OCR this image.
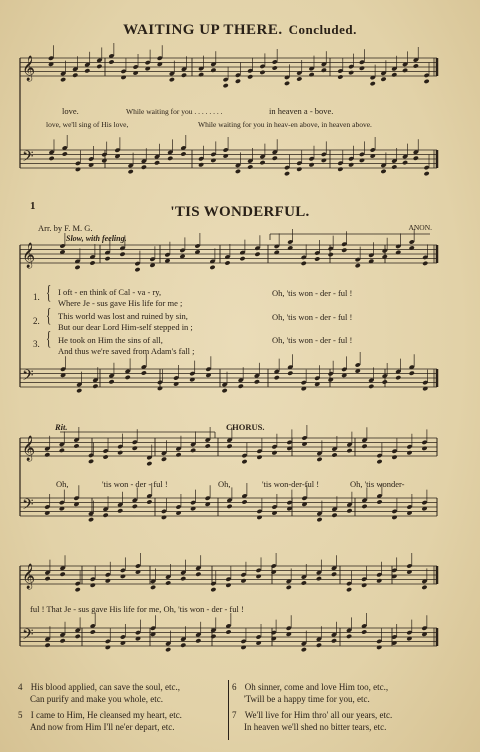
WAITING UP THERE. Concluded.
𝄞
𝄢
𝄞
𝄢
𝄞
𝄢
𝄞
𝄢
love.	While waiting for you . . . . . . . .	in heaven a - bove.
love, we'll sing of His love,	While waiting for you in heav-en above, in heaven above.
1	'TIS WONDERFUL.
Arr. by F. M. G.	ANON.
Slow, with feeling.
1.
2.
3.
{
{
{
I oft - en think of Cal - va - ry,
Where Je - sus gave His life for me ;
This world was lost and ruined by sin,
But our dear Lord Him-self stepped in ;
He took on Him the sins of all,
And thus we're saved from Adam's fall ;
Oh, 'tis won - der - ful !
Oh, 'tis won - der - ful !
Oh, 'tis won - der - ful !
Rit.	CHORUS.
Oh,	'tis won - der - ful !	Oh,	'tis won-der-ful !	Oh, 'tis wonder-
ful ! That Je - sus gave His life for me, Oh, 'tis won - der - ful !
4 His blood applied, can save the soul, etc.,
Can purify and make you whole, etc.
5 I came to Him, He cleansed my heart, etc.
And now from Him I'll ne'er depart, etc.
6 Oh sinner, come and love Him too, etc.,
'Twill be a happy time for you, etc.
7 We'll live for Him thro' all our years, etc.
In heaven we'll shed no bitter tears, etc.
